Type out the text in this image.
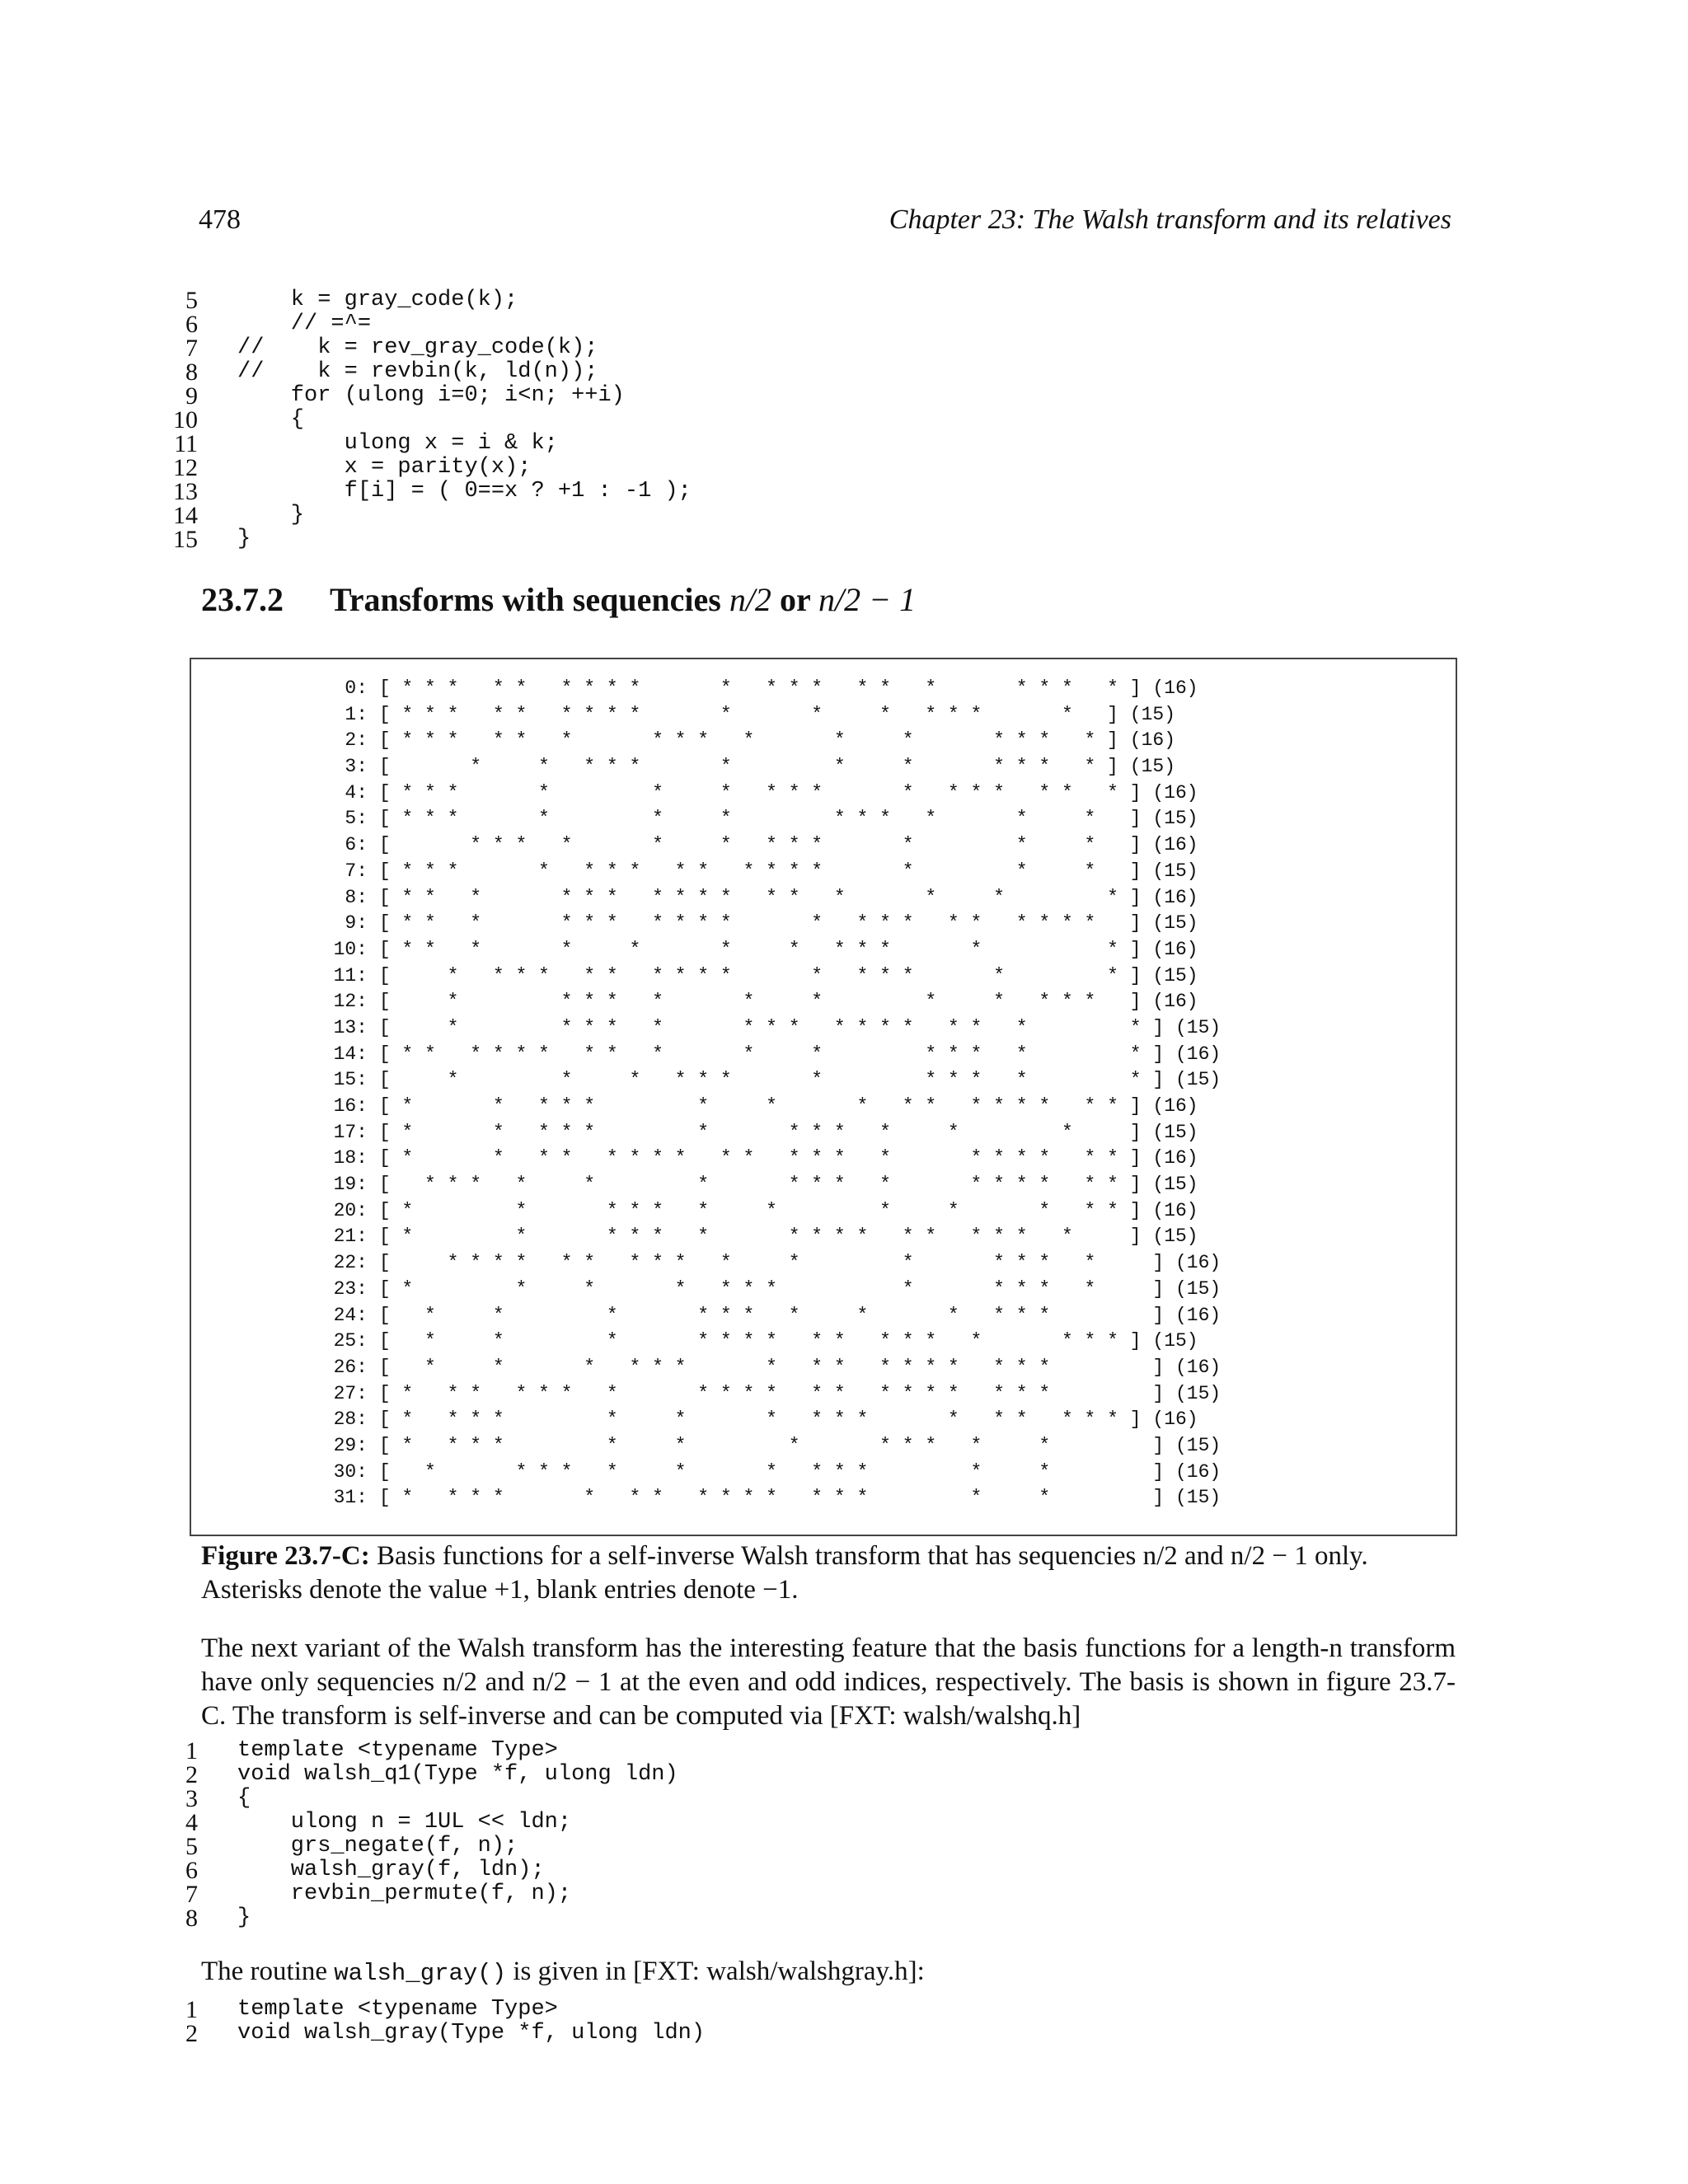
478	Chapter 23: The Walsh transform and its relatives
5 k = gray_code(k);
6 // =^=
7 //    k = rev_gray_code(k);
8 //    k = revbin(k, ld(n));
9 for (ulong i=0; i<n; ++i)
10 {
11 ulong x = i & k;
12 x = parity(x);
13 f[i] = ( 0==x ? +1 : -1 );
14 }
15 }
23.7.2 Transforms with sequencies n/2 or n/2 − 1
0: [ * * *   * *   * * * *       *   * * *   * *   *       * * *   * ] (16)
1: [ * * *   * *   * * * *       *       *     *   * * *       *   ] (15)
2: [ * * *   * *   *       * * *   *       *     *       * * *   * ] (16)
3: [       *     *   * * *       *         *     *       * * *   * ] (15)
4: [ * * *       *         *     *   * * *       *   * * *   * *   * ] (16)
5: [ * * *       *         *     *         * * *   *       *     *   ] (15)
6: [       * * *   *       *     *   * * *       *         *     *   ] (16)
7: [ * * *       *   * * *   * *   * * * *       *         *     *   ] (15)
8: [ * *   *       * * *   * * * *   * *   *       *     *         * ] (16)
9: [ * *   *       * * *   * * * *       *   * * *   * *   * * * *   ] (15)
10: [ * *   *       *     *       *     *   * * *       *           * ] (16)
11: [     *   * * *   * *   * * * *       *   * * *       *         * ] (15)
12: [     *         * * *   *       *     *         *     *   * * *   ] (16)
13: [     *         * * *   *       * * *   * * * *   * *   *         * ] (15)
14: [ * *   * * * *   * *   *       *     *         * * *   *         * ] (16)
15: [     *         *     *   * * *       *         * * *   *         * ] (15)
16: [ *       *   * * *         *     *       *   * *   * * * *   * * ] (16)
17: [ *       *   * * *         *       * * *   *     *         *     ] (15)
18: [ *       *   * *   * * * *   * *   * * *   *       * * * *   * * ] (16)
19: [   * * *   *     *         *       * * *   *       * * * *   * * ] (15)
20: [ *         *       * * *   *     *         *     *       *   * * ] (16)
21: [ *         *       * * *   *       * * * *   * *   * * *   *     ] (15)
22: [     * * * *   * *   * * *   *     *         *       * * *   *     ] (16)
23: [ *         *     *       *   * * *           *       * * *   *     ] (15)
24: [   *     *         *       * * *   *     *       *   * * *         ] (16)
25: [   *     *         *       * * * *   * *   * * *   *       * * * ] (15)
26: [   *     *       *   * * *       *   * *   * * * *   * * *         ] (16)
27: [ *   * *   * * *   *       * * * *   * *   * * * *   * * *         ] (15)
28: [ *   * * *         *     *       *   * * *       *   * *   * * * ] (16)
29: [ *   * * *         *     *         *       * * *   *     *         ] (15)
30: [   *       * * *   *     *       *   * * *         *     *         ] (16)
31: [ *   * * *       *   * *   * * * *   * * *         *     *         ] (15)
Figure 23.7-C: Basis functions for a self-inverse Walsh transform that has sequencies n/2 and n/2 − 1 only. Asterisks denote the value +1, blank entries denote −1.
The next variant of the Walsh transform has the interesting feature that the basis functions for a length-n transform have only sequencies n/2 and n/2 − 1 at the even and odd indices, respectively. The basis is shown in figure 23.7-C. The transform is self-inverse and can be computed via [FXT: walsh/walshq.h]
1 template <typename Type>
2 void walsh_q1(Type *f, ulong ldn)
3 {
4 ulong n = 1UL << ldn;
5 grs_negate(f, n);
6 walsh_gray(f, ldn);
7 revbin_permute(f, n);
8 }
The routine walsh_gray() is given in [FXT: walsh/walshgray.h]:
1 template <typename Type>
2 void walsh_gray(Type *f, ulong ldn)
